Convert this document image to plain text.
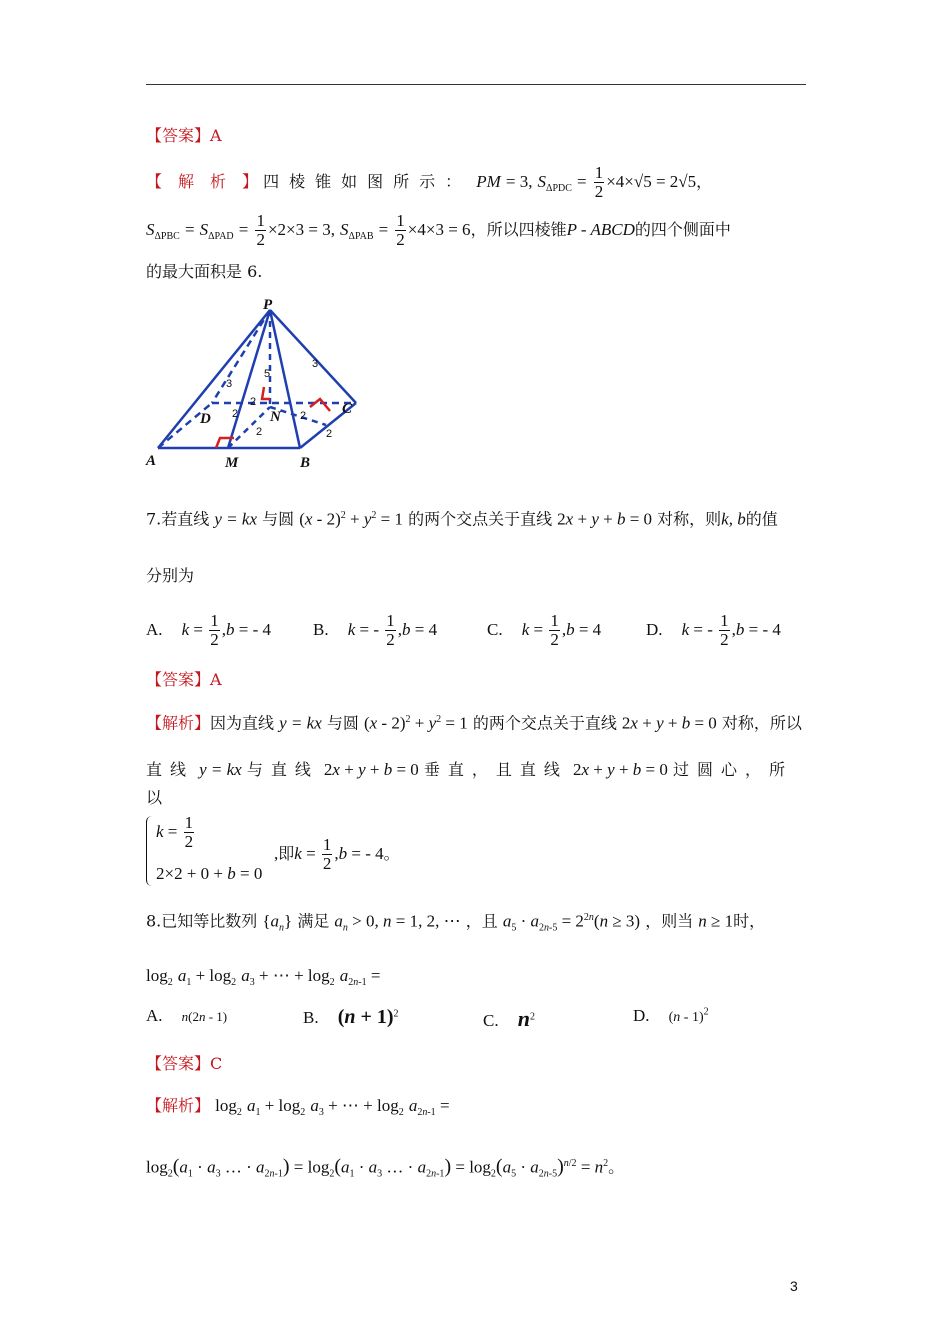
【答案】A
【　解　析　】 四棱锥如图所示： PM = 3, $S_{\Delta PDC} = \frac{1}{2} \times 4\times√5 = 2√5$，
$S_{\Delta PBC} = S_{\Delta PAD} = \frac{1}{2} \times 2\times 3 = 3$, $S_{\Delta PAB} = \frac{1}{2} \times 4\times 3 = 6$，所以四棱锥P - ABCD的四个侧面中
的最大面积是 6.
P
A	B
C
D
M
N
3
3
5
2
2
2
2
2
7.若直线 y = kx 与圆 $(x - 2)^2 + y^2 = 1$ 的两个交点关于直线 2x + y + b = 0 对称，则k, b的值
分别为
A. $k = \frac{1}{2} ,b$ = - 4 B. k = - $\frac{1}{2} ,b = 4$	C. $k = \frac{1}{2} ,b = 4$	D. k = - $\frac{1}{2} ,b$ = - 4
【答案】A
【解析】因为直线 y = kx 与圆 $(x - 2)^2 + y^2 = 1$ 的两个交点关于直线 2x + y + b = 0 对称，所以
直线 y = kx 与直线 2x + y + b = 0 垂直，且直线 2x + y + b = 0 过圆心，所以
$k = \frac{1}{2}$
2×2 + 0 + b = 0
,即$k = \frac{1}{2} ,b$ = - 4。
8.已知等比数列 $\{a_n\}$ 满足 $a_n > 0$, n = 1, 2, ⋯ ，且 $a_5 \cdot a_{2n-5} = 2^{2n}(n \ge 3)$ ，则当 n ≥ 1时，
$\log_2 a_1 + \log_2 a_3$ + ⋯ + $\log_2 a_{2n-1}$ =
A. n(2n - 1)	B. $(n + 1)^2$	C. $n^2$	D. (n - 1)$^2$
【答案】C
【解析】 $\log_2 a_1 + \log_2 a_3$ + ⋯ + $\log_2 a_{2n-1}$ =
$\log_2(a_1 \cdot a_3$ … · $a_{2n-1}) = \log_2(a_1 \cdot a_3$ … · $a_{2n-1}) = \log_2(a_5 \cdot a_{2n-5})^{n/2} = n^2$。
3
